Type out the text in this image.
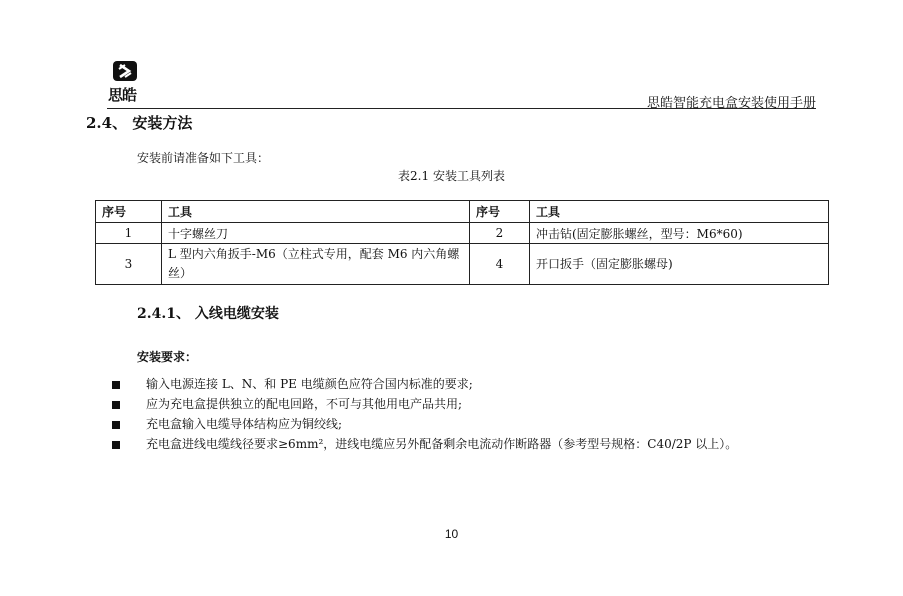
思皓	思皓智能充电盒安装使用手册
2.4、 安装方法
安装前请准备如下工具：
表2.1 安装工具列表
序号	工具	序号	工具
1	十字螺丝刀	2	冲击钻(固定膨胀螺丝，型号：M6*60)
3	L 型内六角扳手-M6（立柱式专用，配套 M6 内六角螺丝）	4	开口扳手（固定膨胀螺母)
2.4.1、 入线电缆安装
安装要求：
输入电源连接 L、N、和 PE 电缆颜色应符合国内标准的要求;
应为充电盒提供独立的配电回路，不可与其他用电产品共用;
充电盒输入电缆导体结构应为铜绞线;
充电盒进线电缆线径要求≥6mm²，进线电缆应另外配备剩余电流动作断路器（参考型号规格：C40/2P 以上）。
10
